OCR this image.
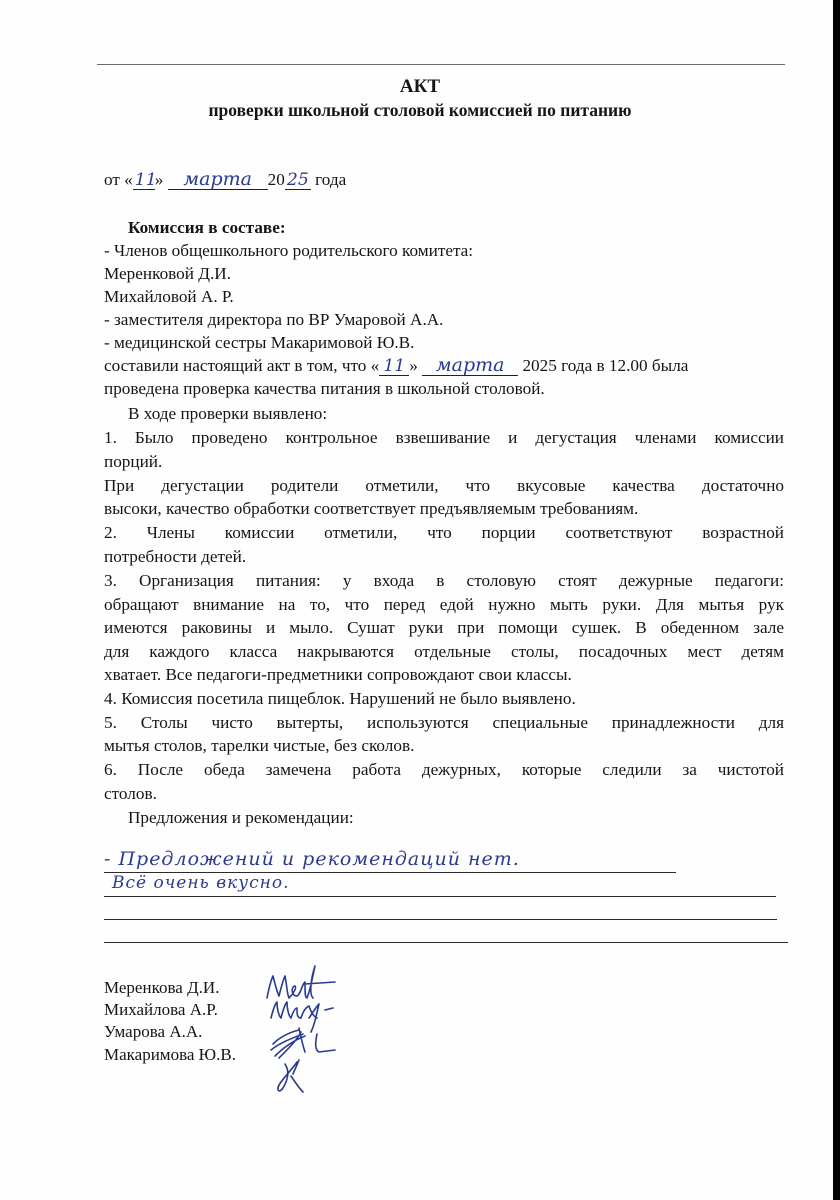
АКТ
проверки школьной столовой комиссией по питанию
от « 11» марта 20 25 года
Комиссия в составе:
- Членов общешкольного родительского комитета:
Меренковой Д.И.
Михайловой А. Р.
- заместителя директора по ВР Умаровой А.А.
- медицинской сестры Макаримовой Ю.В.
составили настоящий акт в том, что « 11 » марта 2025 года в 12.00 была
проведена проверка качества питания в школьной столовой.
В ходе проверки выявлено:
1. Было проведено контрольное взвешивание и дегустация членами комиссии
порций.
При дегустации родители отметили, что вкусовые качества достаточно
высоки, качество обработки соответствует предъявляемым требованиям.
2. Члены комиссии отметили, что порции соответствуют возрастной
потребности детей.
3. Организация питания: у входа в столовую стоят дежурные педагоги:
обращают внимание на то, что перед едой нужно мыть руки. Для мытья рук
имеются раковины и мыло. Сушат руки при помощи сушек. В обеденном зале
для каждого класса накрываются отдельные столы, посадочных мест детям
хватает. Все педагоги-предметники сопровождают свои классы.
4. Комиссия посетила пищеблок. Нарушений не было выявлено.
5. Столы чисто вытерты, используются специальные принадлежности для
мытья столов, тарелки чистые, без сколов.
6. После обеда замечена работа дежурных, которые следили за чистотой
столов.
Предложения и рекомендации:
- Предложений и рекомендаций нет.
Всё очень вкусно.
Меренкова Д.И.
Михайлова А.Р.
Умарова А.А.
Макаримова Ю.В.
